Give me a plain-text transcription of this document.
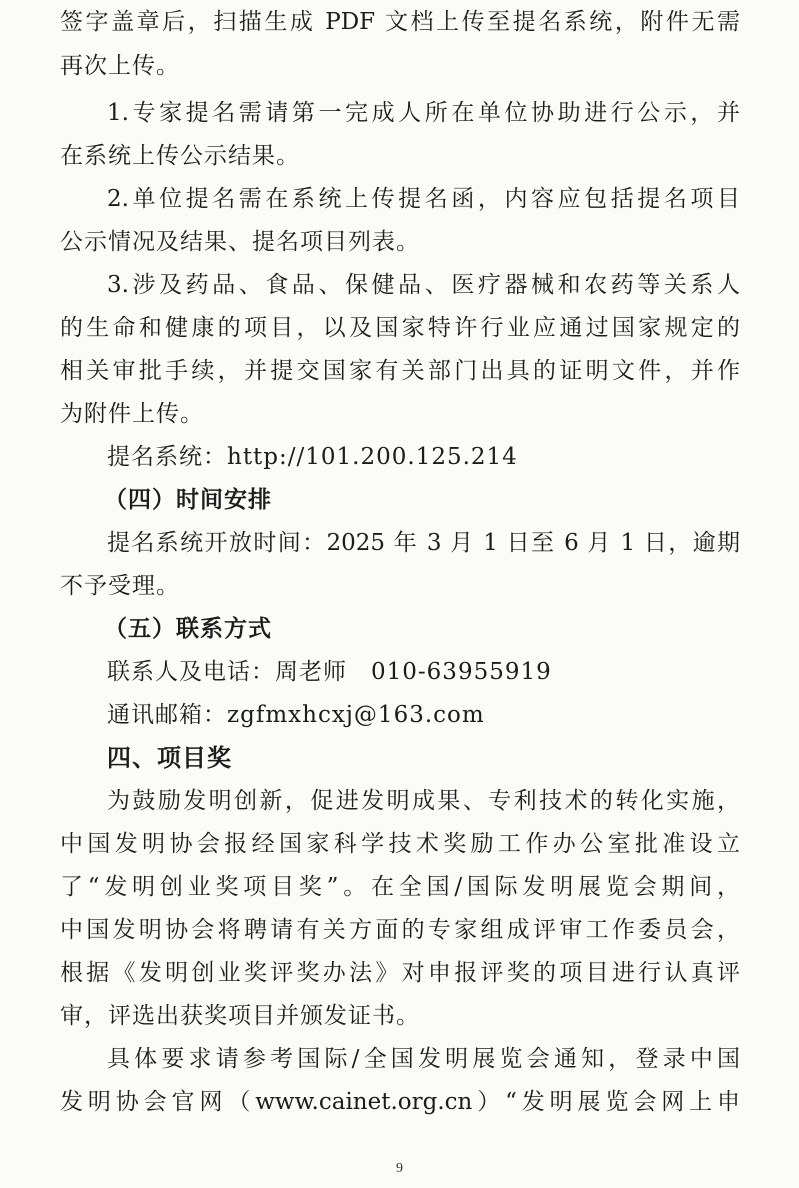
签字盖章后，扫描生成 PDF 文档上传至提名系统，附件无需
再次上传。
1.专家提名需请第一完成人所在单位协助进行公示，并
在系统上传公示结果。
2.单位提名需在系统上传提名函，内容应包括提名项目
公示情况及结果、提名项目列表。
3.涉及药品、食品、保健品、医疗器械和农药等关系人
的生命和健康的项目，以及国家特许行业应通过国家规定的
相关审批手续，并提交国家有关部门出具的证明文件，并作
为附件上传。
提名系统：http://101.200.125.214
（四）时间安排
提名系统开放时间：2025 年 3 月 1 日至 6 月 1 日，逾期
不予受理。
（五）联系方式
联系人及电话：周老师　010-63955919
通讯邮箱：zgfmxhcxj@163.com
四、项目奖
为鼓励发明创新，促进发明成果、专利技术的转化实施，
中国发明协会报经国家科学技术奖励工作办公室批准设立
了“发明创业奖项目奖”。在全国/国际发明展览会期间，
中国发明协会将聘请有关方面的专家组成评审工作委员会，
根据《发明创业奖评奖办法》对申报评奖的项目进行认真评
审，评选出获奖项目并颁发证书。
具体要求请参考国际/全国发明展览会通知，登录中国
发明协会官网（www.cainet.org.cn）“发明展览会网上申
9
